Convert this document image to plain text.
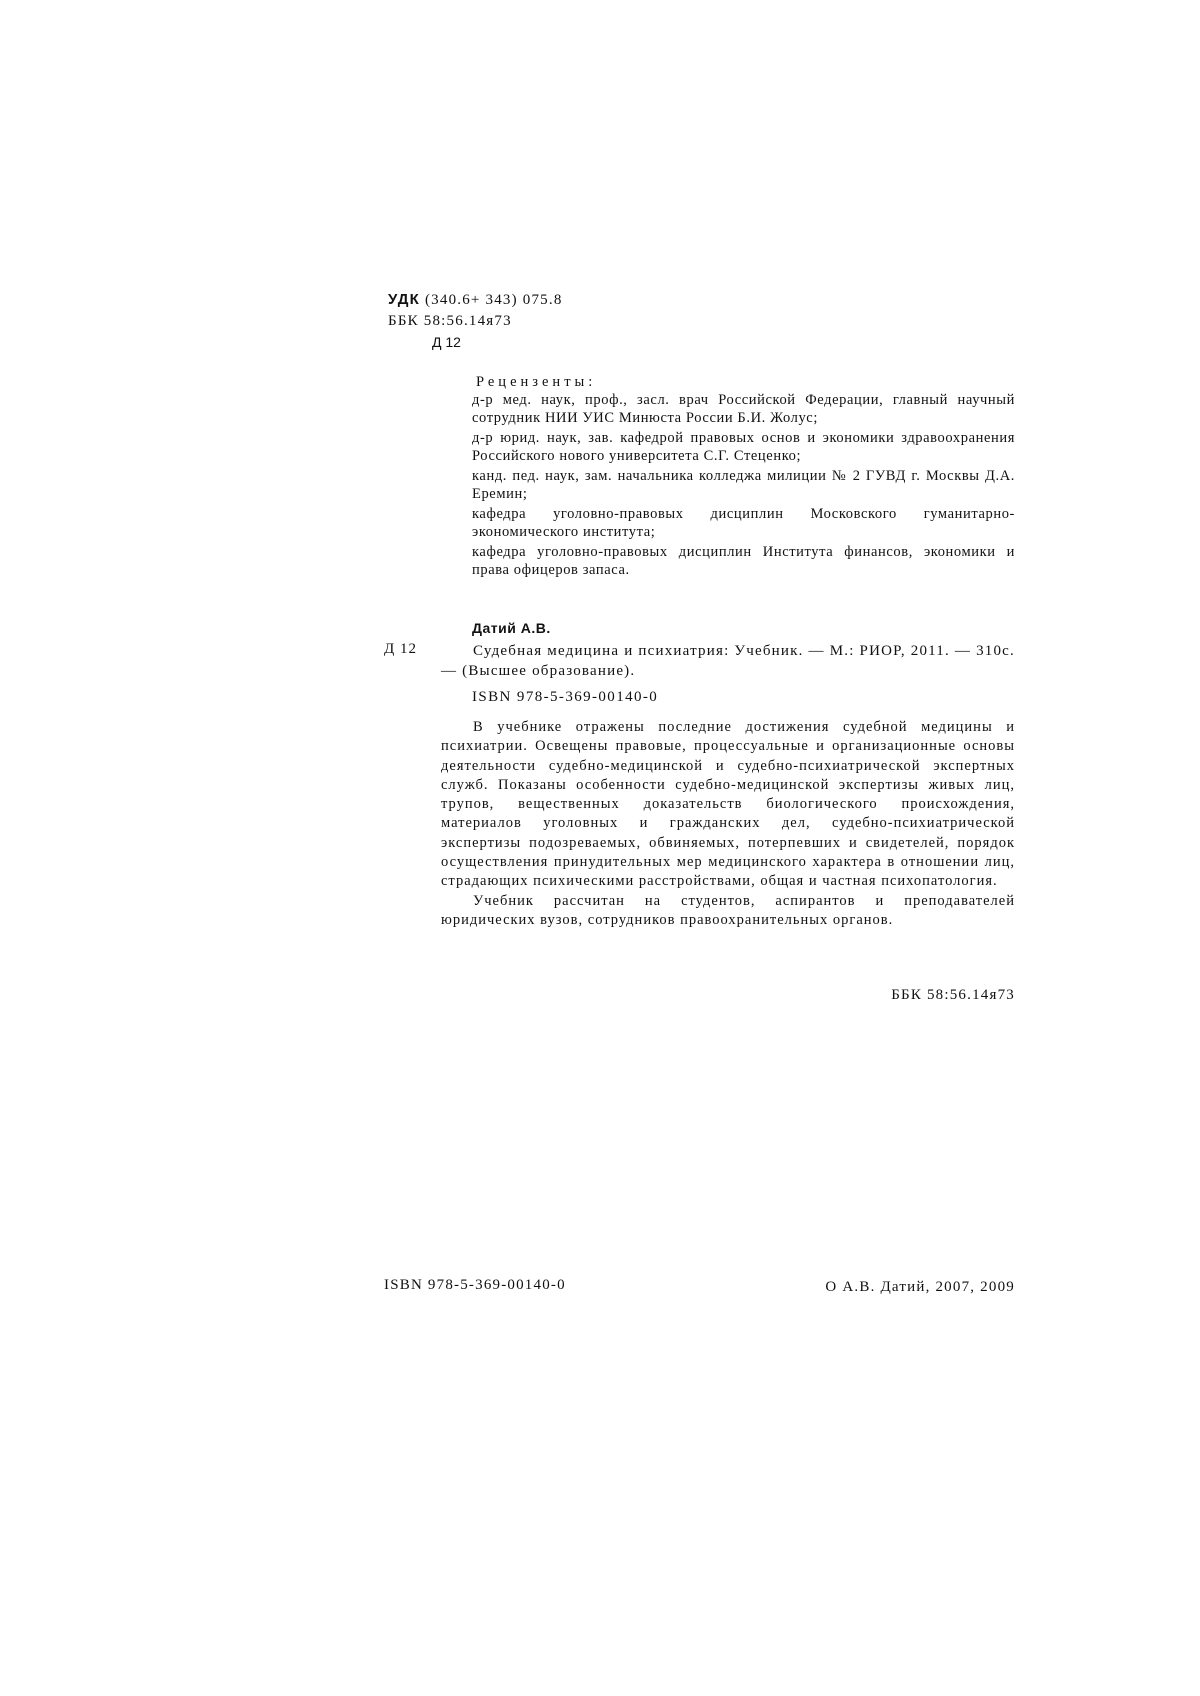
УДК (340.6+ 343) 075.8
ББК 58:56.14я73
Д 12
Рецензенты:
д-р мед. наук, проф., засл. врач Российской Федерации, главный научный сотрудник НИИ УИС Минюста России Б.И. Жолус;
д-р юрид. наук, зав. кафедрой правовых основ и экономики здравоохранения Российского нового университета С.Г. Стеценко;
канд. пед. наук, зам. начальника колледжа милиции № 2 ГУВД г. Москвы Д.А. Еремин;
кафедра уголовно-правовых дисциплин Московского гуманитарно-экономического института;
кафедра уголовно-правовых дисциплин Института финансов, экономики и права офицеров запаса.
Датий А.В.
Д 12	Судебная медицина и психиатрия: Учебник. — М.: РИОР, 2011. — 310с. — (Высшее образование).

ISBN 978-5-369-00140-0

В учебнике отражены последние достижения судебной медицины и психиатрии. Освещены правовые, процессуальные и организационные основы деятельности судебно-медицинской и судебно-психиатрической экспертных служб. Показаны особенности судебно-медицинской экспертизы живых лиц, трупов, вещественных доказательств биологического происхождения, материалов уголовных и гражданских дел, судебно-психиатрической экспертизы подозреваемых, обвиняемых, потерпевших и свидетелей, порядок осуществления принудительных мер медицинского характера в отношении лиц, страдающих психическими расстройствами, общая и частная психопатология.

Учебник рассчитан на студентов, аспирантов и преподавателей юридических вузов, сотрудников правоохранительных органов.

ББК 58:56.14я73
ISBN 978-5-369-00140-0	О А.В. Датий, 2007, 2009
